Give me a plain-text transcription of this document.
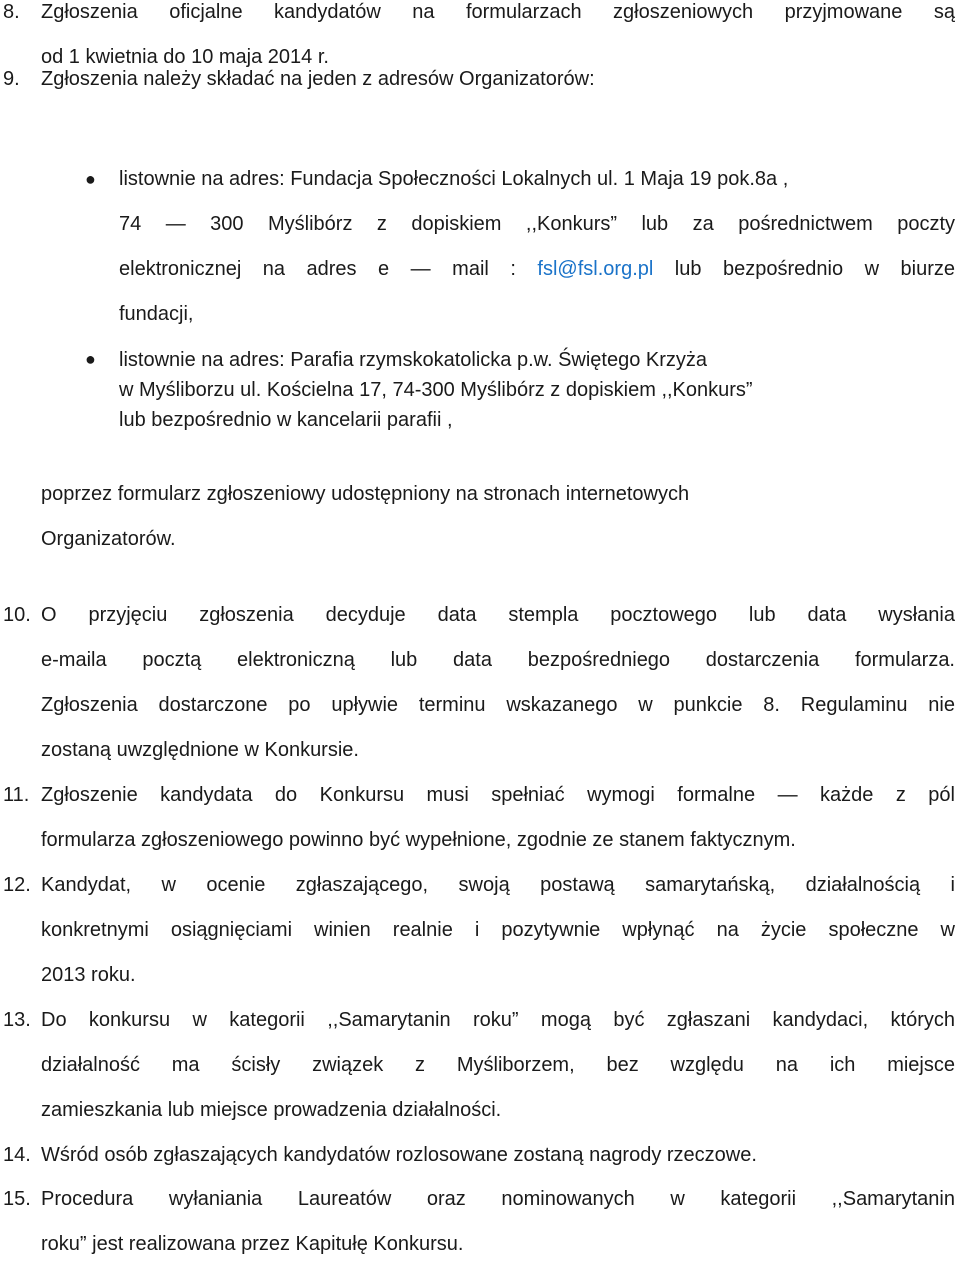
8. Zgłoszenia oficjalne kandydatów na formularzach zgłoszeniowych przyjmowane są
od 1 kwietnia do 10 maja 2014 r.
9. Zgłoszenia należy składać na jeden z adresów Organizatorów:
● listownie na adres: Fundacja Społeczności Lokalnych ul. 1 Maja 19 pok.8a ,
74 — 300 Myślibórz z dopiskiem ,,Konkurs” lub za pośrednictwem poczty
elektronicznej na adres e — mail : fsl@fsl.org.pl lub bezpośrednio w biurze
fundacji,
● listownie na adres: Parafia rzymskokatolicka p.w. Świętego Krzyża
w Myśliborzu ul. Kościelna 17, 74-300 Myślibórz z dopiskiem ,,Konkurs”
lub bezpośrednio w kancelarii parafii ,
poprzez formularz zgłoszeniowy udostępniony na stronach internetowych
Organizatorów.
10. O przyjęciu zgłoszenia decyduje data stempla pocztowego lub data wysłania
e-maila pocztą elektroniczną lub data bezpośredniego dostarczenia formularza.
Zgłoszenia dostarczone po upływie terminu wskazanego w punkcie 8. Regulaminu nie
zostaną uwzględnione w Konkursie.
11. Zgłoszenie kandydata do Konkursu musi spełniać wymogi formalne — każde z pól
formularza zgłoszeniowego powinno być wypełnione, zgodnie ze stanem faktycznym.
12. Kandydat, w ocenie zgłaszającego, swoją postawą samarytańską, działalnością i
konkretnymi osiągnięciami winien realnie i pozytywnie wpłynąć na życie społeczne w
2013 roku.
13. Do konkursu w kategorii ,,Samarytanin roku” mogą być zgłaszani kandydaci, których
działalność ma ścisły związek z Myśliborzem, bez względu na ich miejsce
zamieszkania lub miejsce prowadzenia działalności.
14. Wśród osób zgłaszających kandydatów rozlosowane zostaną nagrody rzeczowe.
15. Procedura wyłaniania Laureatów oraz nominowanych w kategorii ,,Samarytanin
roku” jest realizowana przez Kapitułę Konkursu.
